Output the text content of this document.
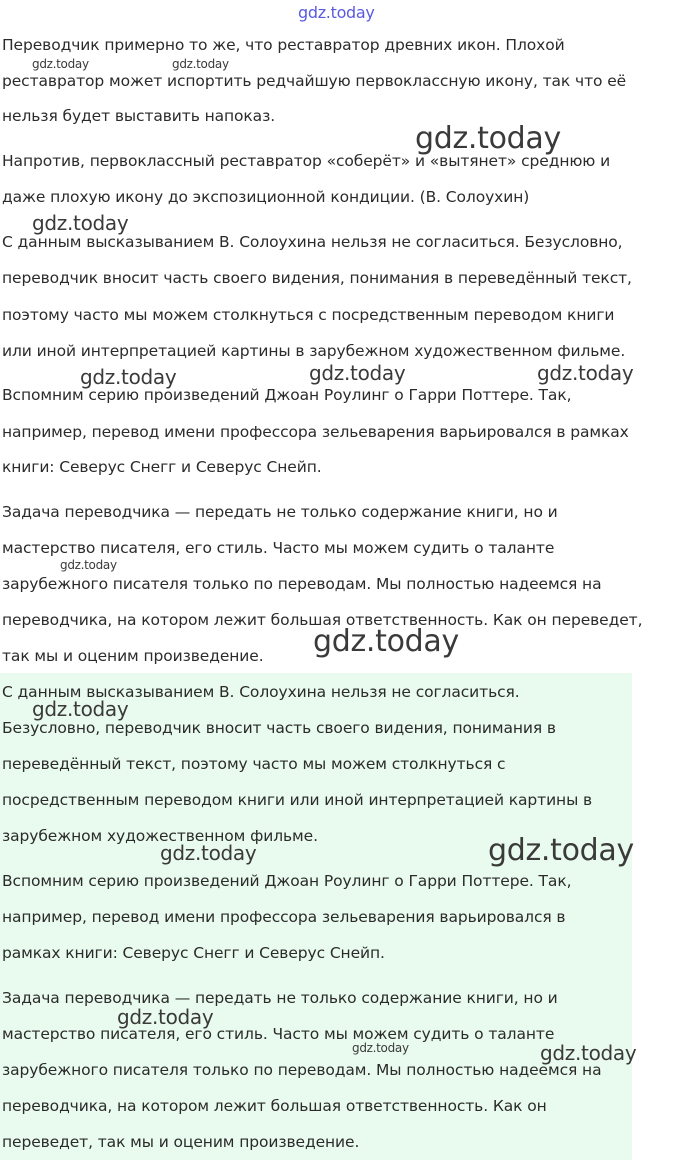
Переводчик примерно то же, что реставратор древних икон. Плохой

реставратор может испортить редчайшую первоклассную икону, так что её

нельзя будет выставить напоказ.

Напротив, первоклассный реставратор «соберёт» и «вытянет» среднюю и

даже плохую икону до экспозиционной кондиции. (В. Солоухин)

С данным высказыванием В. Солоухина нельзя не согласиться. Безусловно,

переводчик вносит часть своего видения, понимания в переведённый текст,

поэтому часто мы можем столкнуться с посредственным переводом книги

или иной интерпретацией картины в зарубежном художественном фильме.

Вспомним серию произведений Джоан Роулинг о Гарри Поттере. Так,

например, перевод имени профессора зельеварения варьировался в рамках

книги: Северус Снегг и Северус Снейп.

Задача переводчика — передать не только содержание книги, но и

мастерство писателя, его стиль. Часто мы можем судить о таланте

зарубежного писателя только по переводам. Мы полностью надеемся на

переводчика, на котором лежит большая ответственность. Как он переведет,

так мы и оценим произведение.

С данным высказыванием В. Солоухина нельзя не согласиться.

Безусловно, переводчик вносит часть своего видения, понимания в

переведённый текст, поэтому часто мы можем столкнуться с

посредственным переводом книги или иной интерпретацией картины в

зарубежном художественном фильме.

Вспомним серию произведений Джоан Роулинг о Гарри Поттере. Так,

например, перевод имени профессора зельеварения варьировался в

рамках книги: Северус Снегг и Северус Снейп.

Задача переводчика — передать не только содержание книги, но и

мастерство писателя, его стиль. Часто мы можем судить о таланте

зарубежного писателя только по переводам. Мы полностью надеемся на

переводчика, на котором лежит большая ответственность. Как он

переведет, так мы и оценим произведение.

gdz.today
gdz.today	gdz.today
gdz.today
gdz.today
gdz.today	gdz.today	gdz.today
gdz.today
gdz.today
gdz.today
gdz.today	gdz.today
gdz.today
gdz.today	gdz.today
